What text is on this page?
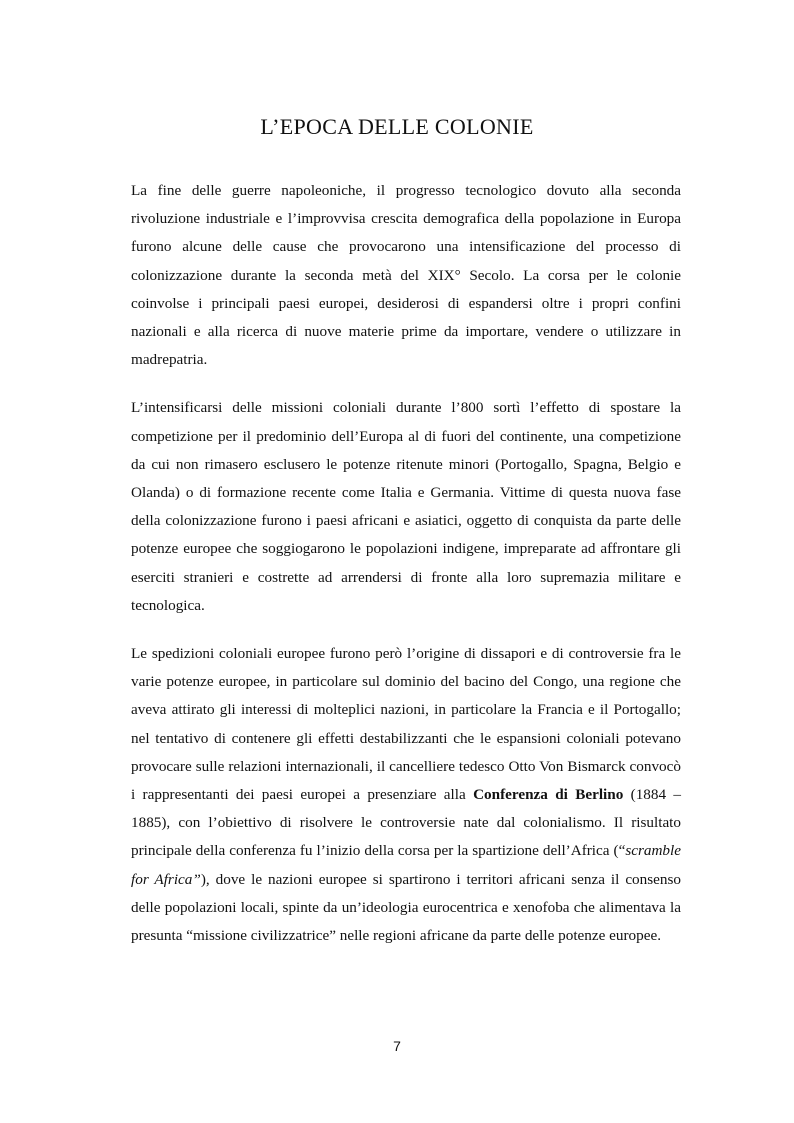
L’EPOCA DELLE COLONIE

La fine delle guerre napoleoniche, il progresso tecnologico dovuto alla seconda rivoluzione industriale e l’improvvisa crescita demografica della popolazione in Europa furono alcune delle cause che provocarono una intensificazione del processo di colonizzazione durante la seconda metà del XIX° Secolo. La corsa per le colonie coinvolse i principali paesi europei, desiderosi di espandersi oltre i propri confini nazionali e alla ricerca di nuove materie prime da importare, vendere o utilizzare in madrepatria.

L’intensificarsi delle missioni coloniali durante l’800 sortì l’effetto di spostare la competizione per il predominio dell’Europa al di fuori del continente, una competizione da cui non rimasero esclusero le potenze ritenute minori (Portogallo, Spagna, Belgio e Olanda) o di formazione recente come Italia e Germania. Vittime di questa nuova fase della colonizzazione furono i paesi africani e asiatici, oggetto di conquista da parte delle potenze europee che soggiogarono le popolazioni indigene, impreparate ad affrontare gli eserciti stranieri e costrette ad arrendersi di fronte alla loro supremazia militare e tecnologica.

Le spedizioni coloniali europee furono però l’origine di dissapori e di controversie fra le varie potenze europee, in particolare sul dominio del bacino del Congo, una regione che aveva attirato gli interessi di molteplici nazioni, in particolare la Francia e il Portogallo; nel tentativo di contenere gli effetti destabilizzanti che le espansioni coloniali potevano provocare sulle relazioni internazionali, il cancelliere tedesco Otto Von Bismarck convocò i rappresentanti dei paesi europei a presenziare alla Conferenza di Berlino (1884 – 1885), con l’obiettivo di risolvere le controversie nate dal colonialismo. Il risultato principale della conferenza fu l’inizio della corsa per la spartizione dell’Africa (“scramble for Africa”), dove le nazioni europee si spartirono i territori africani senza il consenso delle popolazioni locali, spinte da un’ideologia eurocentrica e xenofoba che alimentava la presunta “missione civilizzatrice” nelle regioni africane da parte delle potenze europee.

7
